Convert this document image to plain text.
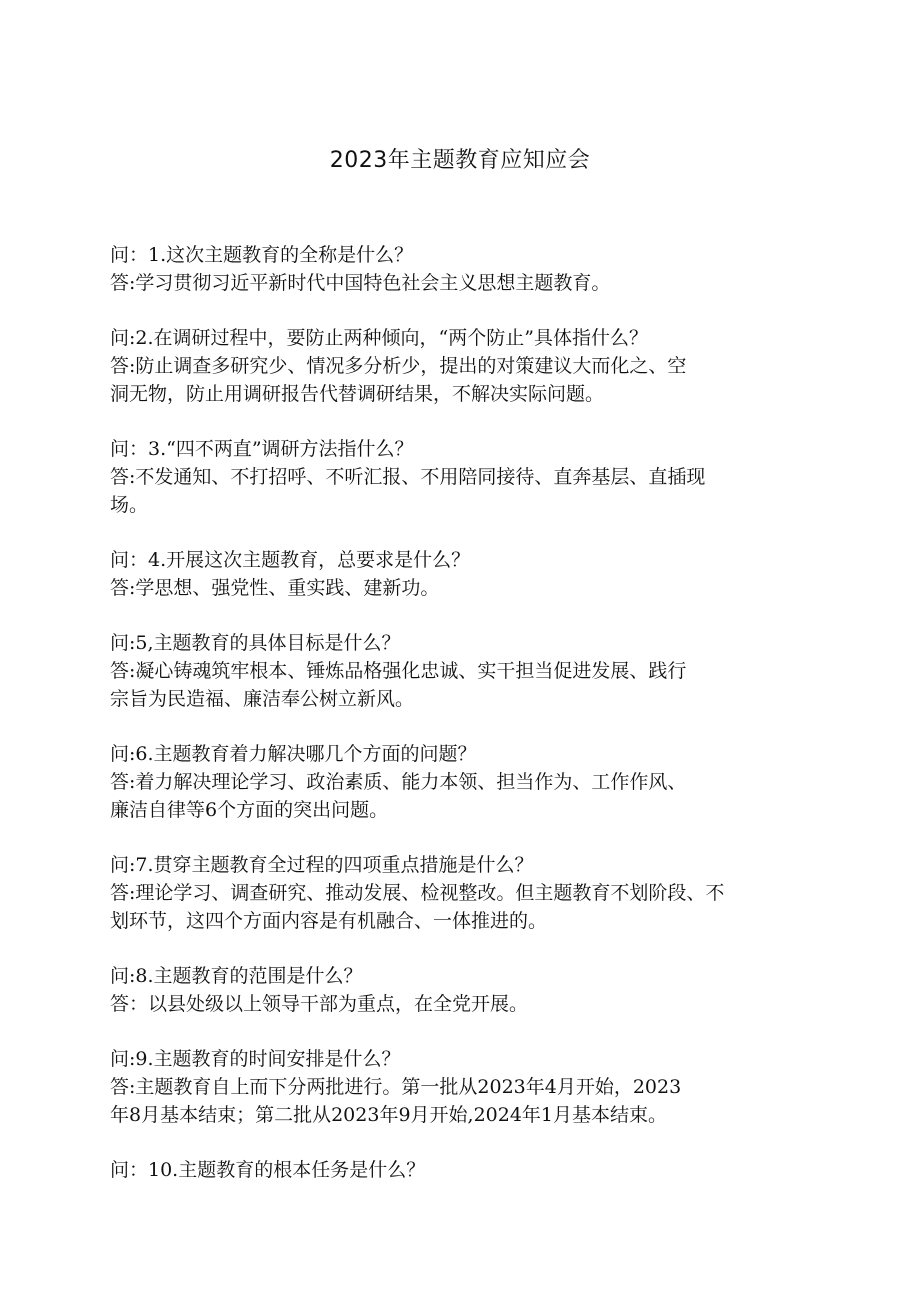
2023年主题教育应知应会

问：1.这次主题教育的全称是什么？

答:学习贯彻习近平新时代中国特色社会主义思想主题教育。

问:2.在调研过程中，要防止两种倾向，“两个防止”具体指什么？

答:防止调查多研究少、情况多分析少，提出的对策建议大而化之、空

洞无物，防止用调研报告代替调研结果，不解决实际问题。

问：3.“四不两直”调研方法指什么？

答:不发通知、不打招呼、不听汇报、不用陪同接待、直奔基层、直插现

场。

问：4.开展这次主题教育，总要求是什么？

答:学思想、强党性、重实践、建新功。

问:5,主题教育的具体目标是什么？

答:凝心铸魂筑牢根本、锤炼品格强化忠诚、实干担当促进发展、践行

宗旨为民造福、廉洁奉公树立新风。

问:6.主题教育着力解决哪几个方面的问题？

答:着力解决理论学习、政治素质、能力本领、担当作为、工作作风、

廉洁自律等6个方面的突出问题。

问:7.贯穿主题教育全过程的四项重点措施是什么？

答:理论学习、调查研究、推动发展、检视整改。但主题教育不划阶段、不

划环节，这四个方面内容是有机融合、一体推进的。

问:8.主题教育的范围是什么？

答：以县处级以上领导干部为重点，在全党开展。

问:9.主题教育的时间安排是什么？

答:主题教育自上而下分两批进行。第一批从2023年4月开始，2023

年8月基本结束；第二批从2023年9月开始,2024年1月基本结束。

问：10.主题教育的根本任务是什么？
